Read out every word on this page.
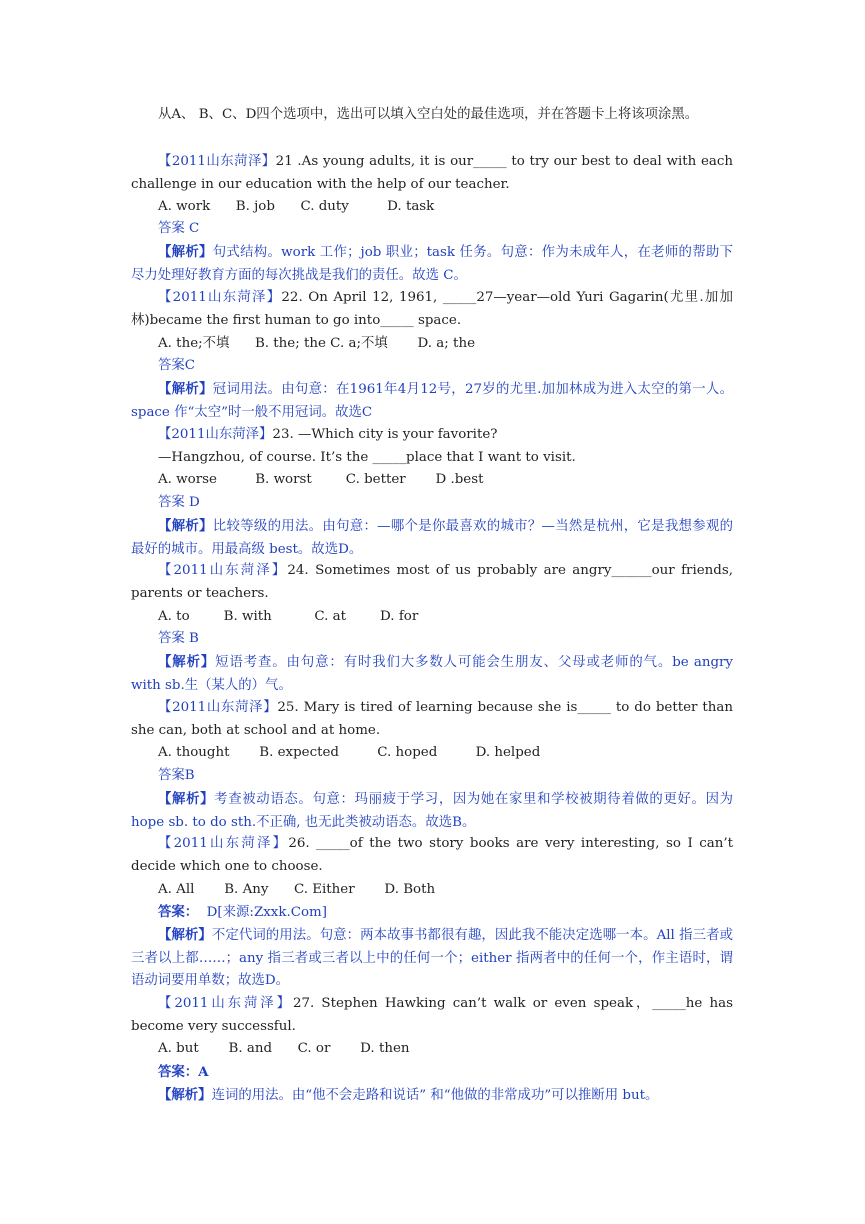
从A、 B、C、D四个选项中，选出可以填入空白处的最佳选项，并在答题卡上将该项涂黑。

【2011山东菏泽】21 .As young adults, it is our_____ to try our best to deal with each challenge in our education with the help of our teacher.

A. work      B. job      C. duty         D. task

答案 C

【解析】句式结构。work 工作；job 职业；task 任务。句意：作为未成年人，在老师的帮助下尽力处理好教育方面的每次挑战是我们的责任。故选 C。

【2011山东菏泽】22. On April 12, 1961, _____27—year—old Yuri Gagarin(尤里.加加林)became the first human to go into_____ space.

A. the;不填      B. the; the C. a;不填       D. a; the

答案C

【解析】冠词用法。由句意：在1961年4月12号，27岁的尤里.加加林成为进入太空的第一人。space 作“太空”时一般不用冠词。故选C

【2011山东菏泽】23. —Which city is your favorite?

—Hangzhou, of course. It’s the _____place that I want to visit.

A. worse         B. worst        C. better       D .best

答案 D

【解析】比较等级的用法。由句意：—哪个是你最喜欢的城市？—当然是杭州，它是我想参观的最好的城市。用最高级 best。故选D。

【2011山东菏泽】24. Sometimes most of us probably are angry______our friends, parents or teachers.

A. to        B. with          C. at        D. for

答案 B

【解析】短语考查。由句意：有时我们大多数人可能会生朋友、父母或老师的气。be angry with sb.生（某人的）气。

【2011山东菏泽】25. Mary is tired of learning because she is_____ to do better than she can, both at school and at home.

A. thought       B. expected         C. hoped         D. helped

答案B

【解析】考查被动语态。句意：玛丽疲于学习，因为她在家里和学校被期待着做的更好。因为 hope sb. to do sth.不正确, 也无此类被动语态。故选B。

【2011山东菏泽】26. _____of the two story books are very interesting, so I can’t decide which one to choose.

A. All       B. Any      C. Either       D. Both

答案：  D[来源:Zxxk.Com]

【解析】不定代词的用法。句意：两本故事书都很有趣，因此我不能决定选哪一本。All 指三者或三者以上都……；any 指三者或三者以上中的任何一个；either 指两者中的任何一个，作主语时，谓语动词要用单数；故选D。

【2011山东菏泽】27. Stephen Hawking can’t walk or even speak，_____he has become very successful.

A. but       B. and      C. or       D. then

答案：A

【解析】连词的用法。由“他不会走路和说话” 和“他做的非常成功”可以推断用 but。
